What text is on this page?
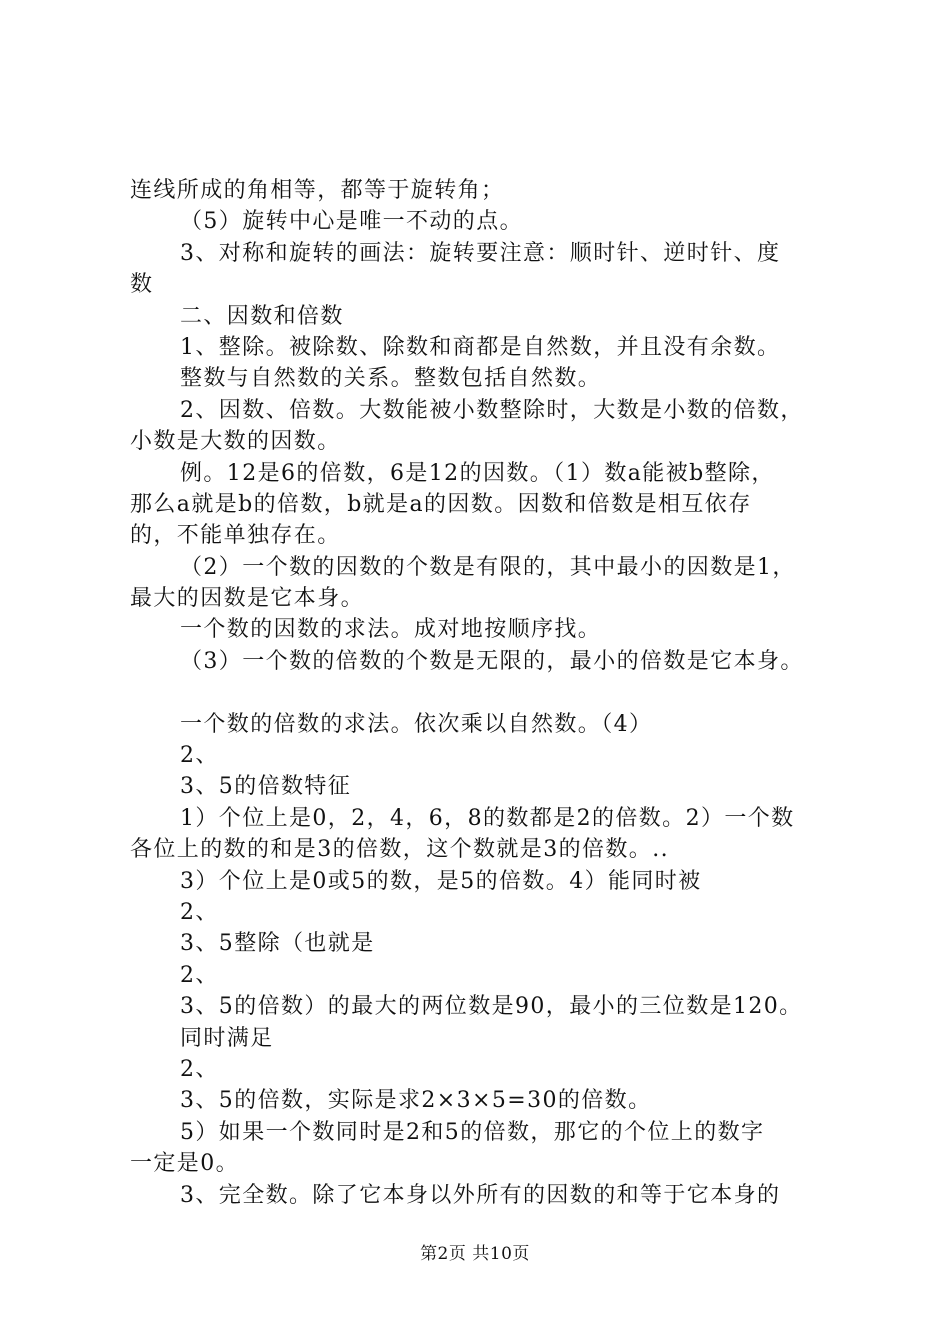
连线所成的角相等，都等于旋转角；
（5）旋转中心是唯一不动的点。
3、对称和旋转的画法：旋转要注意：顺时针、逆时针、度
数
二、因数和倍数
1、整除。被除数、除数和商都是自然数，并且没有余数。
整数与自然数的关系。整数包括自然数。
2、因数、倍数。大数能被小数整除时，大数是小数的倍数，
小数是大数的因数。
例。12是6的倍数，6是12的因数。（1）数a能被b整除，
那么a就是b的倍数，b就是a的因数。因数和倍数是相互依存
的，不能单独存在。
（2）一个数的因数的个数是有限的，其中最小的因数是1，
最大的因数是它本身。
一个数的因数的求法。成对地按顺序找。
（3）一个数的倍数的个数是无限的，最小的倍数是它本身。
一个数的倍数的求法。依次乘以自然数。（4）
2、
3、5的倍数特征
1）个位上是0，2，4，6，8的数都是2的倍数。2）一个数
各位上的数的和是3的倍数，这个数就是3的倍数。..
3）个位上是0或5的数，是5的倍数。4）能同时被
2、
3、5整除（也就是
2、
3、5的倍数）的最大的两位数是90，最小的三位数是120。
同时满足
2、
3、5的倍数，实际是求2×3×5=30的倍数。
5）如果一个数同时是2和5的倍数，那它的个位上的数字
一定是0。
3、完全数。除了它本身以外所有的因数的和等于它本身的
第2页 共10页
